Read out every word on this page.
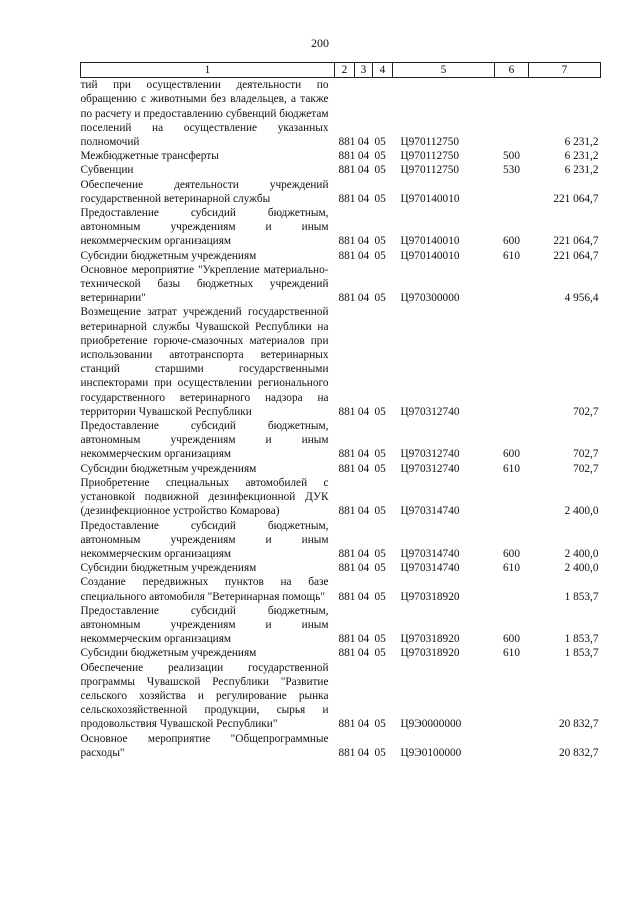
200
1	2	3	4	5	6	7
тий при осуществлении деятельности по обращению с животными без владельцев, а также по расчету и предоставлению субвенций бюджетам поселений на осуществление указанных полномочий	881	04	05	Ц970112750		6 231,2
Межбюджетные трансферты	881	04	05	Ц970112750	500	6 231,2
Субвенции	881	04	05	Ц970112750	530	6 231,2
Обеспечение деятельности учреждений государственной ветеринарной службы	881	04	05	Ц970140010		221 064,7
Предоставление субсидий бюджетным, автономным учреждениям и иным некоммерческим организациям	881	04	05	Ц970140010	600	221 064,7
Субсидии бюджетным учреждениям	881	04	05	Ц970140010	610	221 064,7
Основное мероприятие "Укрепление материально-технической базы бюджетных учреждений ветеринарии"	881	04	05	Ц970300000		4 956,4
Возмещение затрат учреждений государственной ветеринарной службы Чувашской Республики на приобретение горюче-смазочных материалов при использовании автотранспорта ветеринарных станций старшими государственными инспекторами при осуществлении регионального государственного ветеринарного надзора на территории Чувашской Республики	881	04	05	Ц970312740		702,7
Предоставление субсидий бюджетным, автономным учреждениям и иным некоммерческим организациям	881	04	05	Ц970312740	600	702,7
Субсидии бюджетным учреждениям	881	04	05	Ц970312740	610	702,7
Приобретение специальных автомобилей с установкой подвижной дезинфекционной ДУК (дезинфекционное устройство Комарова)	881	04	05	Ц970314740		2 400,0
Предоставление субсидий бюджетным, автономным учреждениям и иным некоммерческим организациям	881	04	05	Ц970314740	600	2 400,0
Субсидии бюджетным учреждениям	881	04	05	Ц970314740	610	2 400,0
Создание передвижных пунктов на базе специального автомобиля "Ветеринарная помощь"	881	04	05	Ц970318920		1 853,7
Предоставление субсидий бюджетным, автономным учреждениям и иным некоммерческим организациям	881	04	05	Ц970318920	600	1 853,7
Субсидии бюджетным учреждениям	881	04	05	Ц970318920	610	1 853,7
Обеспечение реализации государственной программы Чувашской Республики "Развитие сельского хозяйства и регулирование рынка сельскохозяйственной продукции, сырья и продовольствия Чувашской Республики"	881	04	05	Ц9Э0000000		20 832,7
Основное мероприятие "Общепрограммные расходы"	881	04	05	Ц9Э0100000		20 832,7
